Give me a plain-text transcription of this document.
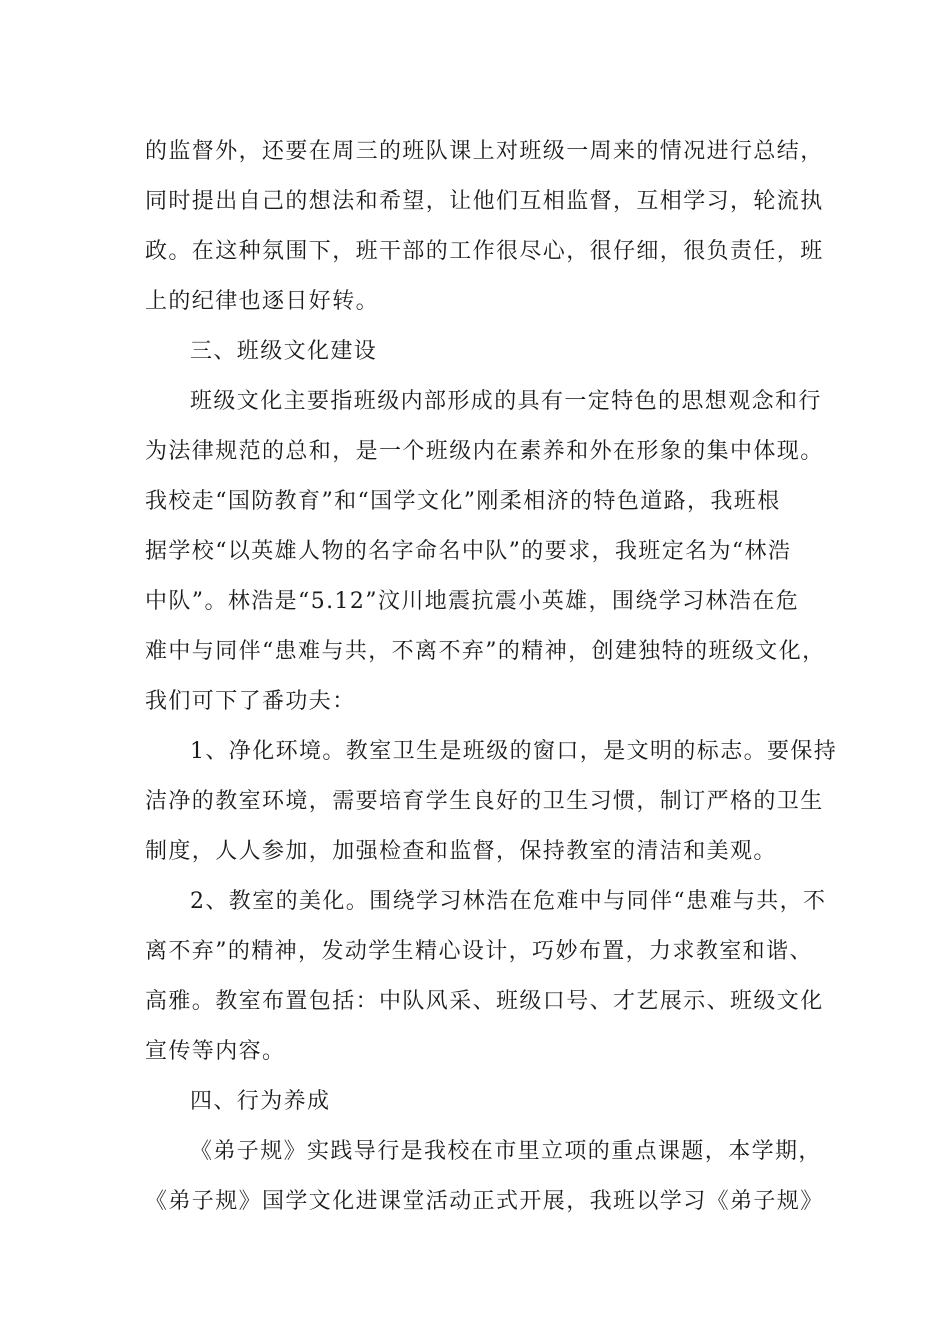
的监督外，还要在周三的班队课上对班级一周来的情况进行总结，
同时提出自己的想法和希望，让他们互相监督，互相学习，轮流执
政。在这种氛围下，班干部的工作很尽心，很仔细，很负责任，班
上的纪律也逐日好转。
三、班级文化建设
班级文化主要指班级内部形成的具有一定特色的思想观念和行
为法律规范的总和，是一个班级内在素养和外在形象的集中体现。
我校走“国防教育”和“国学文化”刚柔相济的特色道路，我班根
据学校“以英雄人物的名字命名中队”的要求，我班定名为“林浩
中队”。林浩是“5.12”汶川地震抗震小英雄，围绕学习林浩在危
难中与同伴“患难与共，不离不弃”的精神，创建独特的班级文化，
我们可下了番功夫：
1、净化环境。教室卫生是班级的窗口，是文明的标志。要保持
洁净的教室环境，需要培育学生良好的卫生习惯，制订严格的卫生
制度，人人参加，加强检查和监督，保持教室的清洁和美观。
2、教室的美化。围绕学习林浩在危难中与同伴“患难与共，不
离不弃”的精神，发动学生精心设计，巧妙布置，力求教室和谐、
高雅。教室布置包括：中队风采、班级口号、才艺展示、班级文化
宣传等内容。
四、行为养成
《弟子规》实践导行是我校在市里立项的重点课题，本学期，
《弟子规》国学文化进课堂活动正式开展，我班以学习《弟子规》
